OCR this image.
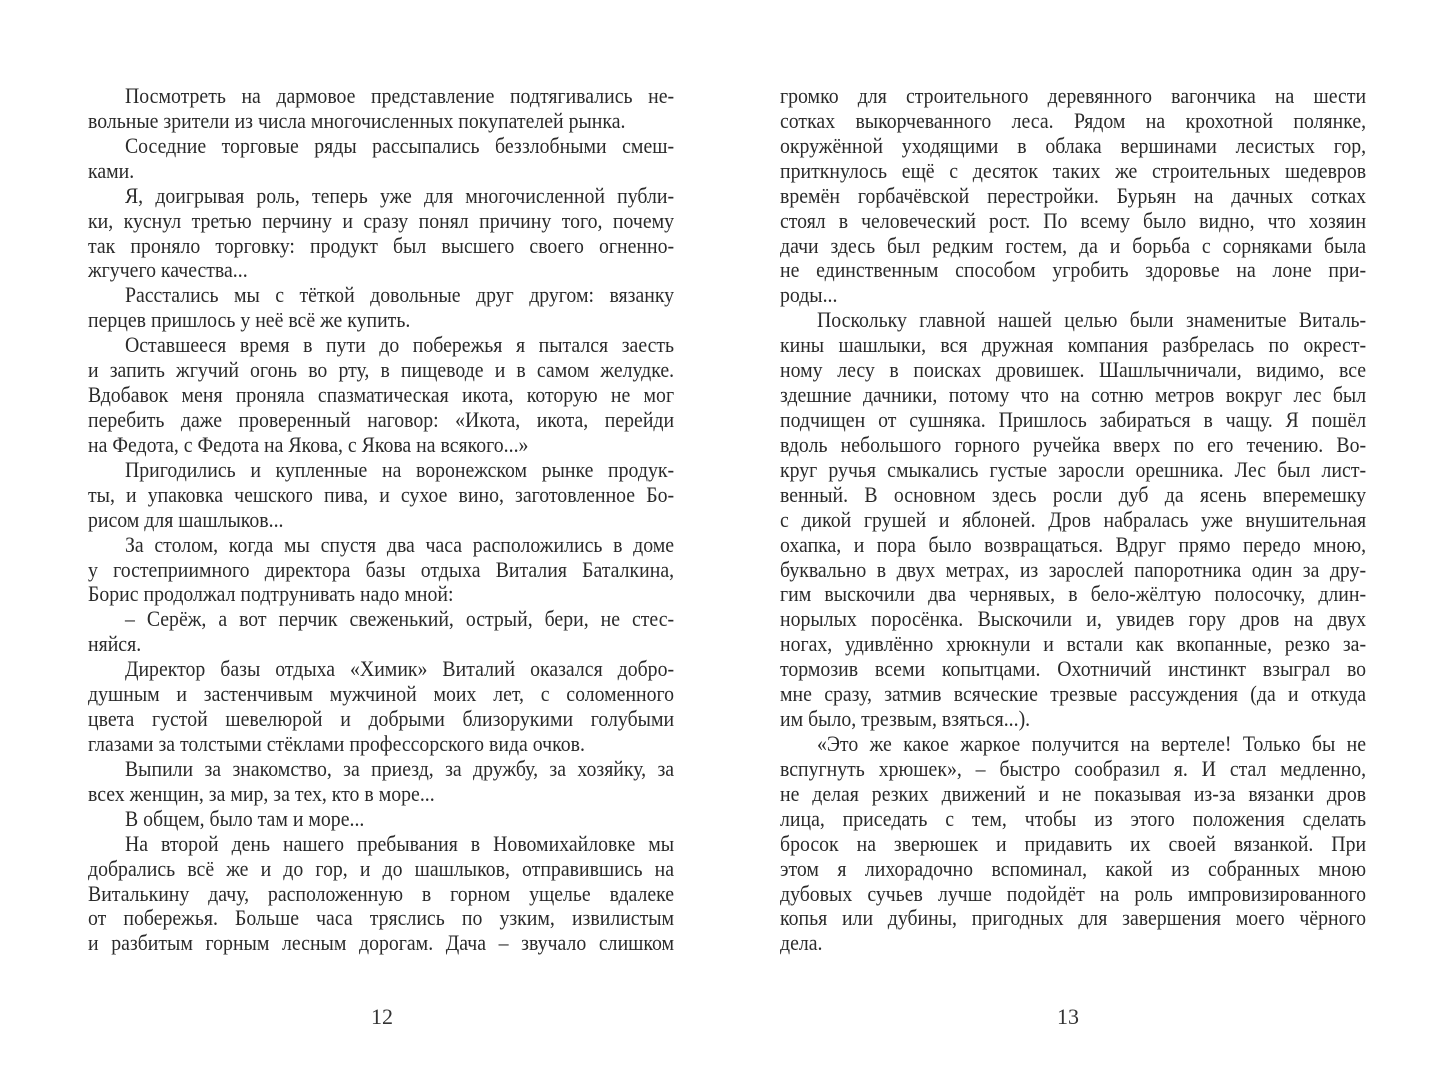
Посмотреть на дармовое представление подтягивались не-
вольные зрители из числа многочисленных покупателей рынка.
Соседние торговые ряды рассыпались беззлобными смеш-
ками.
Я, доигрывая роль, теперь уже для многочисленной публи-
ки, куснул третью перчину и сразу понял причину того, почему
так проняло торговку: продукт был высшего своего огненно-
жгучего качества...
Расстались мы с тёткой довольные друг другом: вязанку
перцев пришлось у неё всё же купить.
Оставшееся время в пути до побережья я пытался заесть
и запить жгучий огонь во рту, в пищеводе и в самом желудке.
Вдобавок меня проняла спазматическая икота, которую не мог
перебить даже проверенный наговор: «Икота, икота, перейди
на Федота, с Федота на Якова, с Якова на всякого...»
Пригодились и купленные на воронежском рынке продук-
ты, и упаковка чешского пива, и сухое вино, заготовленное Бо-
рисом для шашлыков...
За столом, когда мы спустя два часа расположились в доме
у гостеприимного директора базы отдыха Виталия Баталкина,
Борис продолжал подтрунивать надо мной:
– Серёж, а вот перчик свеженький, острый, бери, не стес-
няйся.
Директор базы отдыха «Химик» Виталий оказался добро-
душным и застенчивым мужчиной моих лет, с соломенного
цвета густой шевелюрой и добрыми близорукими голубыми
глазами за толстыми стёклами профессорского вида очков.
Выпили за знакомство, за приезд, за дружбу, за хозяйку, за
всех женщин, за мир, за тех, кто в море...
В общем, было там и море...
На второй день нашего пребывания в Новомихайловке мы
добрались всё же и до гор, и до шашлыков, отправившись на
Виталькину дачу, расположенную в горном ущелье вдалеке
от побережья. Больше часа тряслись по узким, извилистым
и разбитым горным лесным дорогам. Дача – звучало слишком
громко для строительного деревянного вагончика на шести
сотках выкорчеванного леса. Рядом на крохотной полянке,
окружённой уходящими в облака вершинами лесистых гор,
приткнулось ещё с десяток таких же строительных шедевров
времён горбачёвской перестройки. Бурьян на дачных сотках
стоял в человеческий рост. По всему было видно, что хозяин
дачи здесь был редким гостем, да и борьба с сорняками была
не единственным способом угробить здоровье на лоне при-
роды...
Поскольку главной нашей целью были знаменитые Виталь-
кины шашлыки, вся дружная компания разбрелась по окрест-
ному лесу в поисках дровишек. Шашлычничали, видимо, все
здешние дачники, потому что на сотню метров вокруг лес был
подчищен от сушняка. Пришлось забираться в чащу. Я пошёл
вдоль небольшого горного ручейка вверх по его течению. Во-
круг ручья смыкались густые заросли орешника. Лес был лист-
венный. В основном здесь росли дуб да ясень вперемешку
с дикой грушей и яблоней. Дров набралась уже внушительная
охапка, и пора было возвращаться. Вдруг прямо передо мною,
буквально в двух метрах, из зарослей папоротника один за дру-
гим выскочили два чернявых, в бело-жёлтую полосочку, длин-
норылых поросёнка. Выскочили и, увидев гору дров на двух
ногах, удивлённо хрюкнули и встали как вкопанные, резко за-
тормозив всеми копытцами. Охотничий инстинкт взыграл во
мне сразу, затмив всяческие трезвые рассуждения (да и откуда
им было, трезвым, взяться...).
«Это же какое жаркое получится на вертеле! Только бы не
вспугнуть хрюшек», – быстро сообразил я. И стал медленно,
не делая резких движений и не показывая из-за вязанки дров
лица, приседать с тем, чтобы из этого положения сделать
бросок на зверюшек и придавить их своей вязанкой. При
этом я лихорадочно вспоминал, какой из собранных мною
дубовых сучьев лучше подойдёт на роль импровизированного
копья или дубины, пригодных для завершения моего чёрного
дела.
12	13
